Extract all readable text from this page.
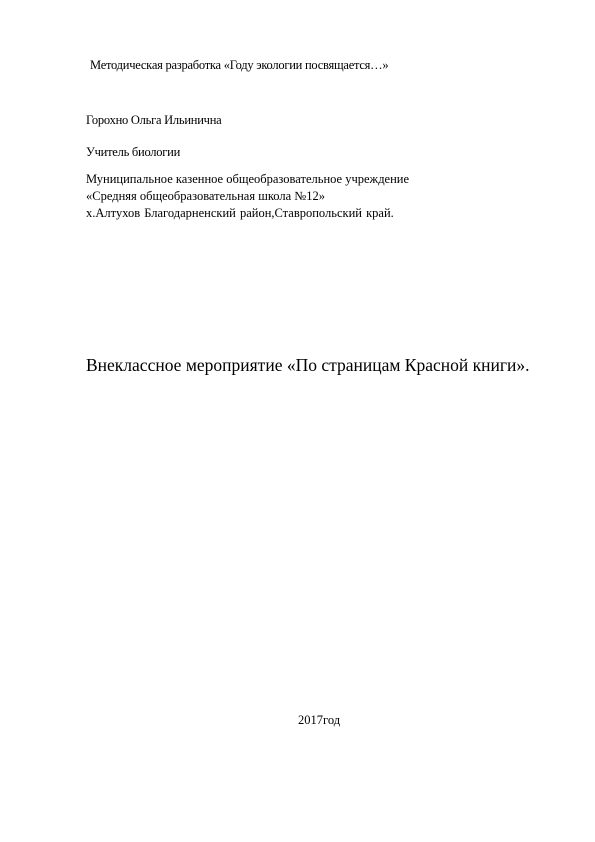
Методическая разработка «Году экологии посвящается…»
Горохно Ольга Ильинична
Учитель биологии
Муниципальное казенное общеобразовательное учреждение
«Средняя общеобразовательная школа №12»
х.Алтухов Благодарненский район,Ставропольский край.
Внеклассное мероприятие «По страницам Красной книги».
2017год
